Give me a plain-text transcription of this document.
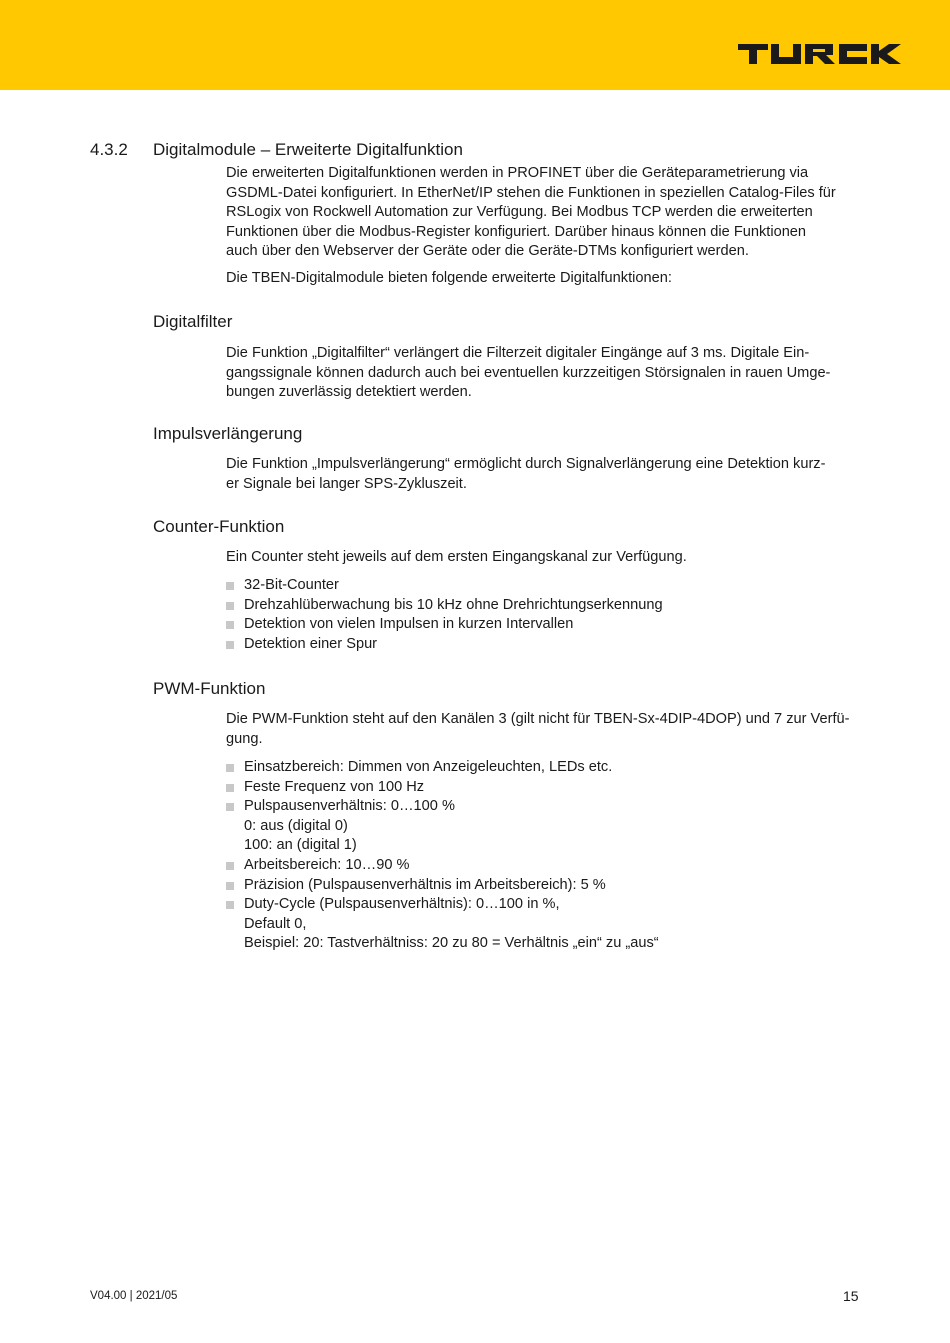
4.3.2 Digitalmodule – Erweiterte Digitalfunktion
Die erweiterten Digitalfunktionen werden in PROFINET über die Geräteparametrierung via
GSDML-Datei konfiguriert. In EtherNet/IP stehen die Funktionen in speziellen Catalog-Files für
RSLogix von Rockwell Automation zur Verfügung. Bei Modbus TCP werden die erweiterten
Funktionen über die Modbus-Register konfiguriert. Darüber hinaus können die Funktionen
auch über den Webserver der Geräte oder die Geräte-DTMs konfiguriert werden.
Die TBEN-Digitalmodule bieten folgende erweiterte Digitalfunktionen:
Digitalfilter
Die Funktion „Digitalfilter“ verlängert die Filterzeit digitaler Eingänge auf 3 ms. Digitale Ein-
gangssignale können dadurch auch bei eventuellen kurzzeitigen Störsignalen in rauen Umge-
bungen zuverlässig detektiert werden.
Impulsverlängerung
Die Funktion „Impulsverlängerung“ ermöglicht durch Signalverlängerung eine Detektion kurz-
er Signale bei langer SPS-Zykluszeit.
Counter-Funktion
Ein Counter steht jeweils auf dem ersten Eingangskanal zur Verfügung.
32-Bit-Counter
Drehzahlüberwachung bis 10 kHz ohne Drehrichtungserkennung
Detektion von vielen Impulsen in kurzen Intervallen
Detektion einer Spur
PWM-Funktion
Die PWM-Funktion steht auf den Kanälen 3 (gilt nicht für TBEN-Sx-4DIP-4DOP) und 7 zur Verfü-
gung.
Einsatzbereich: Dimmen von Anzeigeleuchten, LEDs etc.
Feste Frequenz von 100 Hz
Pulspausenverhältnis: 0…100 %
0: aus (digital 0)
100: an (digital 1)
Arbeitsbereich: 10…90 %
Präzision (Pulspausenverhältnis im Arbeitsbereich): 5 %
Duty-Cycle (Pulspausenverhältnis): 0…100 in %,
Default 0,
Beispiel: 20: Tastverhältniss: 20 zu 80 = Verhältnis „ein“ zu „aus“
V04.00 | 2021/05	15
